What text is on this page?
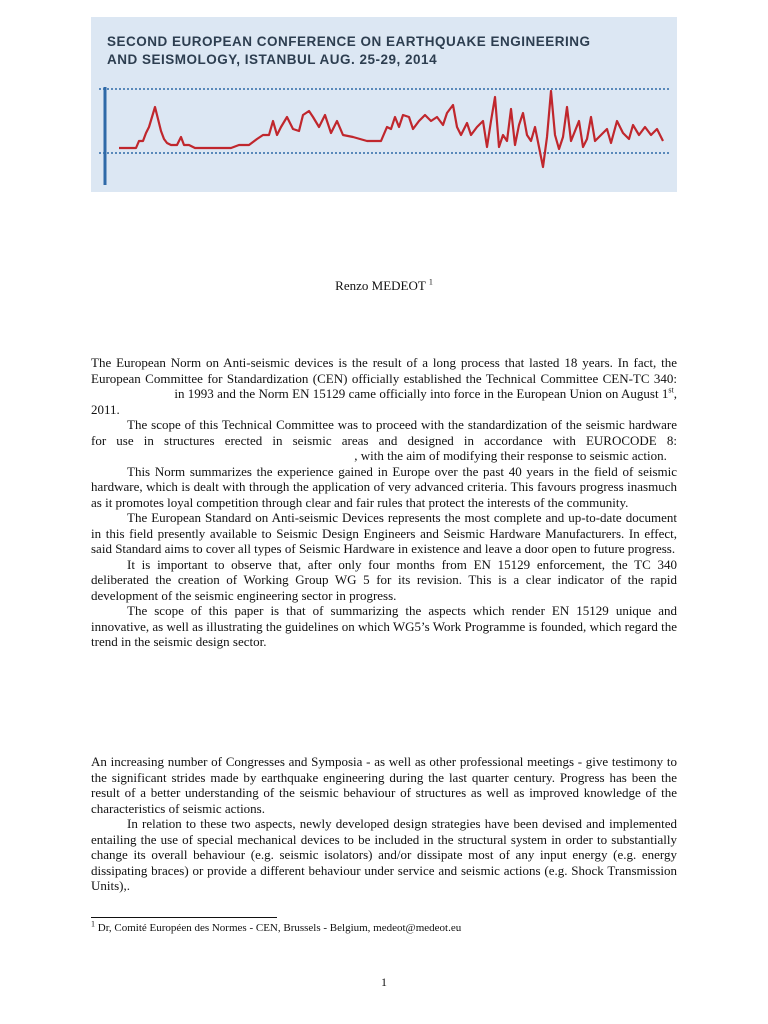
SECOND EUROPEAN CONFERENCE ON EARTHQUAKE ENGINEERING
AND SEISMOLOGY, ISTANBUL AUG. 25-29, 2014
Renzo MEDEOT $^1$

The European Norm on Anti-seismic devices is the result of a long process that lasted 18 years. In fact, the European Committee for Standardization (CEN) officially established the Technical Committee CEN-TC 340: in 1993 and the Norm EN 15129 came officially into force in the European Union on August 1st, 2011.

The scope of this Technical Committee was to proceed with the standardization of the seismic hardware for use in structures erected in seismic areas and designed in accordance with EUROCODE 8: , with the aim of modifying their response to seismic action.

This Norm summarizes the experience gained in Europe over the past 40 years in the field of seismic hardware, which is dealt with through the application of very advanced criteria. This favours progress inasmuch as it promotes loyal competition through clear and fair rules that protect the interests of the community.

The European Standard on Anti-seismic Devices represents the most complete and up-to-date document in this field presently available to Seismic Design Engineers and Seismic Hardware Manufacturers. In effect, said Standard aims to cover all types of Seismic Hardware in existence and leave a door open to future progress.

It is important to observe that, after only four months from EN 15129 enforcement, the TC 340 deliberated the creation of Working Group WG 5 for its revision. This is a clear indicator of the rapid development of the seismic engineering sector in progress.

The scope of this paper is that of summarizing the aspects which render EN 15129 unique and innovative, as well as illustrating the guidelines on which WG5’s Work Programme is founded, which regard the trend in the seismic design sector.

An increasing number of Congresses and Symposia - as well as other professional meetings - give testimony to the significant strides made by earthquake engineering during the last quarter century. Progress has been the result of a better understanding of the seismic behaviour of structures as well as improved knowledge of the characteristics of seismic actions.

In relation to these two aspects, newly developed design strategies have been devised and implemented entailing the use of special mechanical devices to be included in the structural system in order to substantially change its overall behaviour (e.g. seismic isolators) and/or dissipate most of any input energy (e.g. energy dissipating braces) or provide a different behaviour under service and seismic actions (e.g. Shock Transmission Units),.

$^1$ Dr, Comité Européen des Normes - CEN, Brussels - Belgium, medeot@medeot.eu
1
